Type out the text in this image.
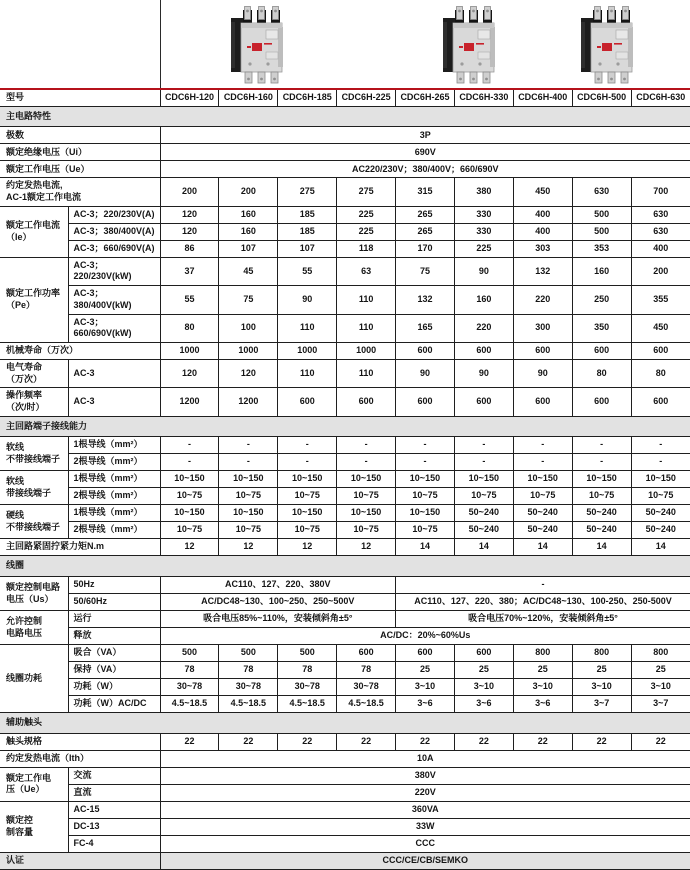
型号		CDC6H-120	CDC6H-160	CDC6H-185	CDC6H-225	CDC6H-265	CDC6H-330	CDC6H-400	CDC6H-500	CDC6H-630
主电路特性										
极数		3P								
额定绝缘电压（Ui）		690V								
额定工作电压（Ue）		AC220/230V；380/400V；660/690V								
约定发热电流,
AC-1额定工作电流		200	200	275	275	315	380	450	630	700
额定工作电流
（Ie）	AC-3；220/230V(A)	120	160	185	225	265	330	400	500	630
	AC-3；380/400V(A)	120	160	185	225	265	330	400	500	630
	AC-3；660/690V(A)	86	107	107	118	170	225	303	353	400
额定工作功率
（Pe）	AC-3；220/230V(kW)	37	45	55	63	75	90	132	160	200
	AC-3；380/400V(kW)	55	75	90	110	132	160	220	250	355
	AC-3；660/690V(kW)	80	100	110	110	165	220	300	350	450
机械寿命（万次）		1000	1000	1000	1000	600	600	600	600	600
电气寿命
（万次）	AC-3	120	120	110	110	90	90	90	80	80
操作频率
（次/时）	AC-3	1200	1200	600	600	600	600	600	600	600
主回路端子接线能力										
软线
不带接线端子	1根导线（mm²）	-	-	-	-	-	-	-	-	-
	2根导线（mm²）	-	-	-	-	-	-	-	-	-
软线
带接线端子	1根导线（mm²）	10~150	10~150	10~150	10~150	10~150	10~150	10~150	10~150	10~150
	2根导线（mm²）	10~75	10~75	10~75	10~75	10~75	10~75	10~75	10~75	10~75
硬线
不带接线端子	1根导线（mm²）	10~150	10~150	10~150	10~150	10~150	50~240	50~240	50~240	50~240
	2根导线（mm²）	10~75	10~75	10~75	10~75	10~75	50~240	50~240	50~240	50~240
主回路紧固拧紧力矩N.m		12	12	12	12	14	14	14	14	14
线圈										
额定控制电路
电压（Us）	50Hz	AC110、127、220、380V				-				
	50/60Hz	AC/DC48~130、100~250、250~500V				AC110、127、220、380；AC/DC48~130、100-250、250-500V				
允许控制
电路电压	运行	吸合电压85%~110%，安装倾斜角±5°				吸合电压70%~120%，安装倾斜角±5°				
	释放	AC/DC：20%~60%Us								
线圈功耗	吸合（VA）	500	500	500	600	600	600	800	800	800
	保持（VA）	78	78	78	78	25	25	25	25	25
	功耗（W）	30~78	30~78	30~78	30~78	3~10	3~10	3~10	3~10	3~10
	功耗（W）AC/DC	4.5~18.5	4.5~18.5	4.5~18.5	4.5~18.5	3~6	3~6	3~6	3~7	3~7
辅助触头										
触头规格		22	22	22	22	22	22	22	22	22
约定发热电流（Ith）		10A								
额定工作电
压（Ue）	交流	380V								
	直流	220V								
额定控
制容量	AC-15	360VA								
	DC-13	33W								
	FC-4	CCC								
认证		CCC/CE/CB/SEMKO								
